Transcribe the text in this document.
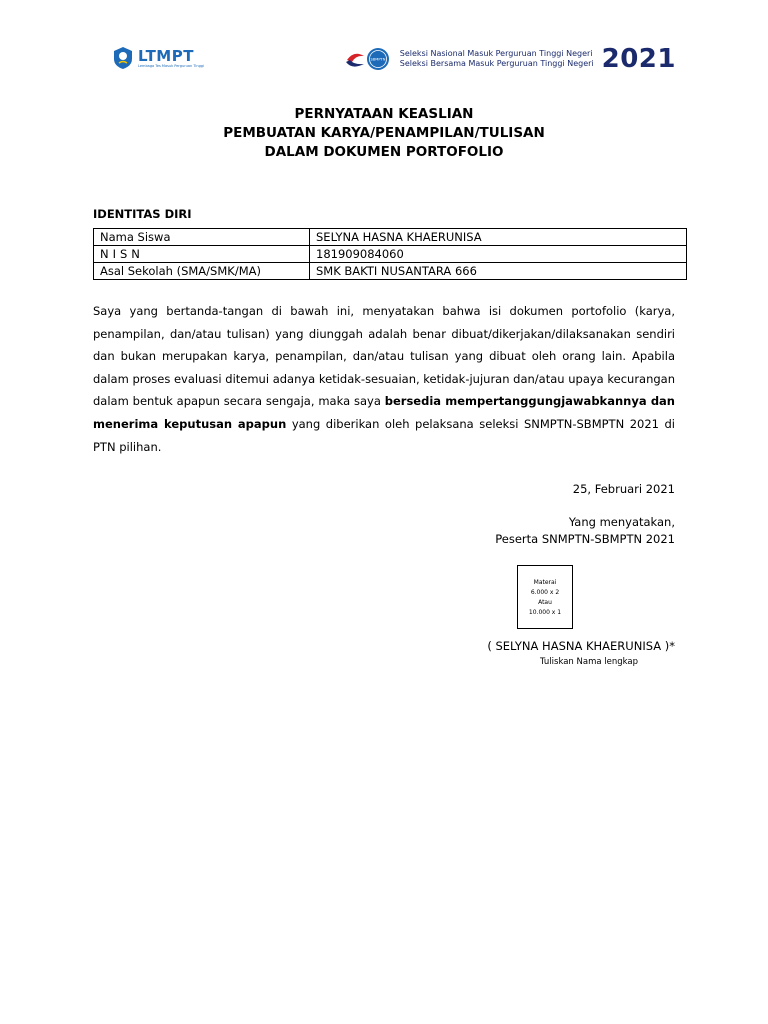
LTMPT
Lembaga Tes Masuk Perguruan Tinggi
SBMPTN
Seleksi Nasional Masuk Perguruan Tinggi Negeri
Seleksi Bersama Masuk Perguruan Tinggi Negeri 2021
PERNYATAAN KEASLIAN
PEMBUATAN KARYA/PENAMPILAN/TULISAN
DALAM DOKUMEN PORTOFOLIO
IDENTITAS DIRI
Nama Siswa	SELYNA HASNA KHAERUNISA
NISN	181909084060
Asal Sekolah (SMA/SMK/MA)	SMK BAKTI NUSANTARA 666

Saya yang bertanda-tangan di bawah ini, menyatakan bahwa isi dokumen portofolio (karya, penampilan, dan/atau tulisan) yang diunggah adalah benar dibuat/dikerjakan/dilaksanakan sendiri dan bukan merupakan karya, penampilan, dan/atau tulisan yang dibuat oleh orang lain. Apabila dalam proses evaluasi ditemui adanya ketidak-sesuaian, ketidak-jujuran dan/atau upaya kecurangan dalam bentuk apapun secara sengaja, maka saya bersedia mempertanggungjawabkannya dan menerima keputusan apapun yang diberikan oleh pelaksana seleksi SNMPTN-SBMPTN 2021 di PTN pilihan.

25, Februari 2021
Yang menyatakan,
Peserta SNMPTN-SBMPTN 2021
Materai
6.000 x 2
Atau
10.000 x 1
( SELYNA HASNA KHAERUNISA )*
Tuliskan Nama lengkap
